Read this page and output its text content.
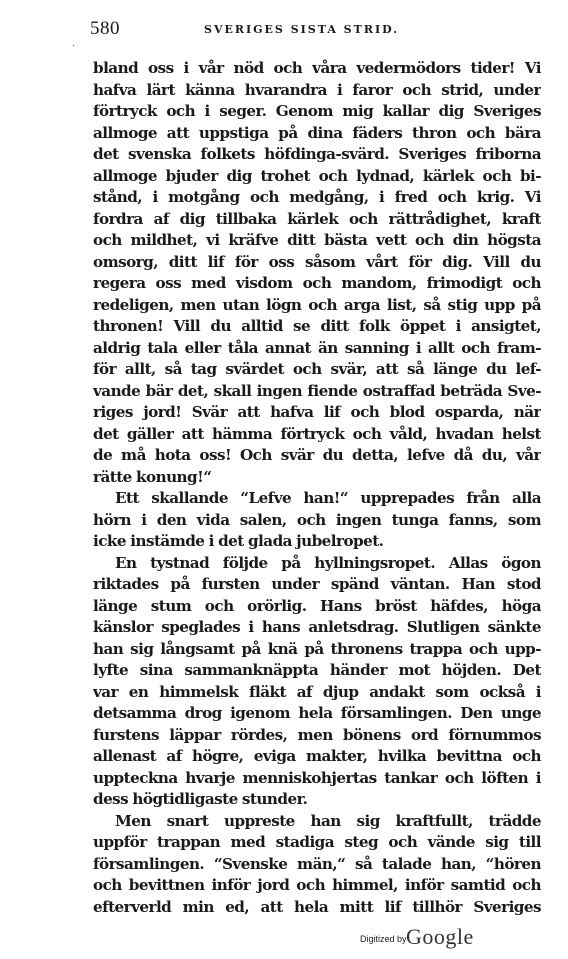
.
580	SVERIGES SISTA STRID.
bland oss i vår nöd och våra vedermödors tider! Vi
hafva lärt känna hvarandra i faror och strid, under
förtryck och i seger. Genom mig kallar dig Sveriges
allmoge att uppstiga på dina fäders thron och bära
det svenska folkets höfdinga-svärd. Sveriges friborna
allmoge bjuder dig trohet och lydnad, kärlek och bi-
stånd, i motgång och medgång, i fred och krig. Vi
fordra af dig tillbaka kärlek och rättrådighet, kraft
och mildhet, vi kräfve ditt bästa vett och din högsta
omsorg, ditt lif för oss såsom vårt för dig. Vill du
regera oss med visdom och mandom, frimodigt och
redeligen, men utan lögn och arga list, så stig upp på
thronen! Vill du alltid se ditt folk öppet i ansigtet,
aldrig tala eller tåla annat än sanning i allt och fram-
för allt, så tag svärdet och svär, att så länge du lef-
vande bär det, skall ingen fiende ostraffad beträda Sve-
riges jord! Svär att hafva lif och blod osparda, när
det gäller att hämma förtryck och våld, hvadan helst
de må hota oss! Och svär du detta, lefve då du, vår
rätte konung!“
Ett skallande “Lefve han!“ upprepades från alla
hörn i den vida salen, och ingen tunga fanns, som
icke instämde i det glada jubelropet.
En tystnad följde på hyllningsropet. Allas ögon
riktades på fursten under spänd väntan. Han stod
länge stum och orörlig. Hans bröst häfdes, höga
känslor speglades i hans anletsdrag. Slutligen sänkte
han sig långsamt på knä på thronens trappa och upp-
lyfte sina sammanknäppta händer mot höjden. Det
var en himmelsk fläkt af djup andakt som också i
detsamma drog igenom hela församlingen. Den unge
furstens läppar rördes, men bönens ord förnummos
allenast af högre, eviga makter, hvilka bevittna och
uppteckna hvarje menniskohjertas tankar och löften i
dess högtidligaste stunder.
Men snart uppreste han sig kraftfullt, trädde
uppför trappan med stadiga steg och vände sig till
församlingen. “Svenske män,“ så talade han, “hören
och bevittnen inför jord och himmel, inför samtid och
efterverld min ed, att hela mitt lif tillhör Sveriges
Digitized by Google
